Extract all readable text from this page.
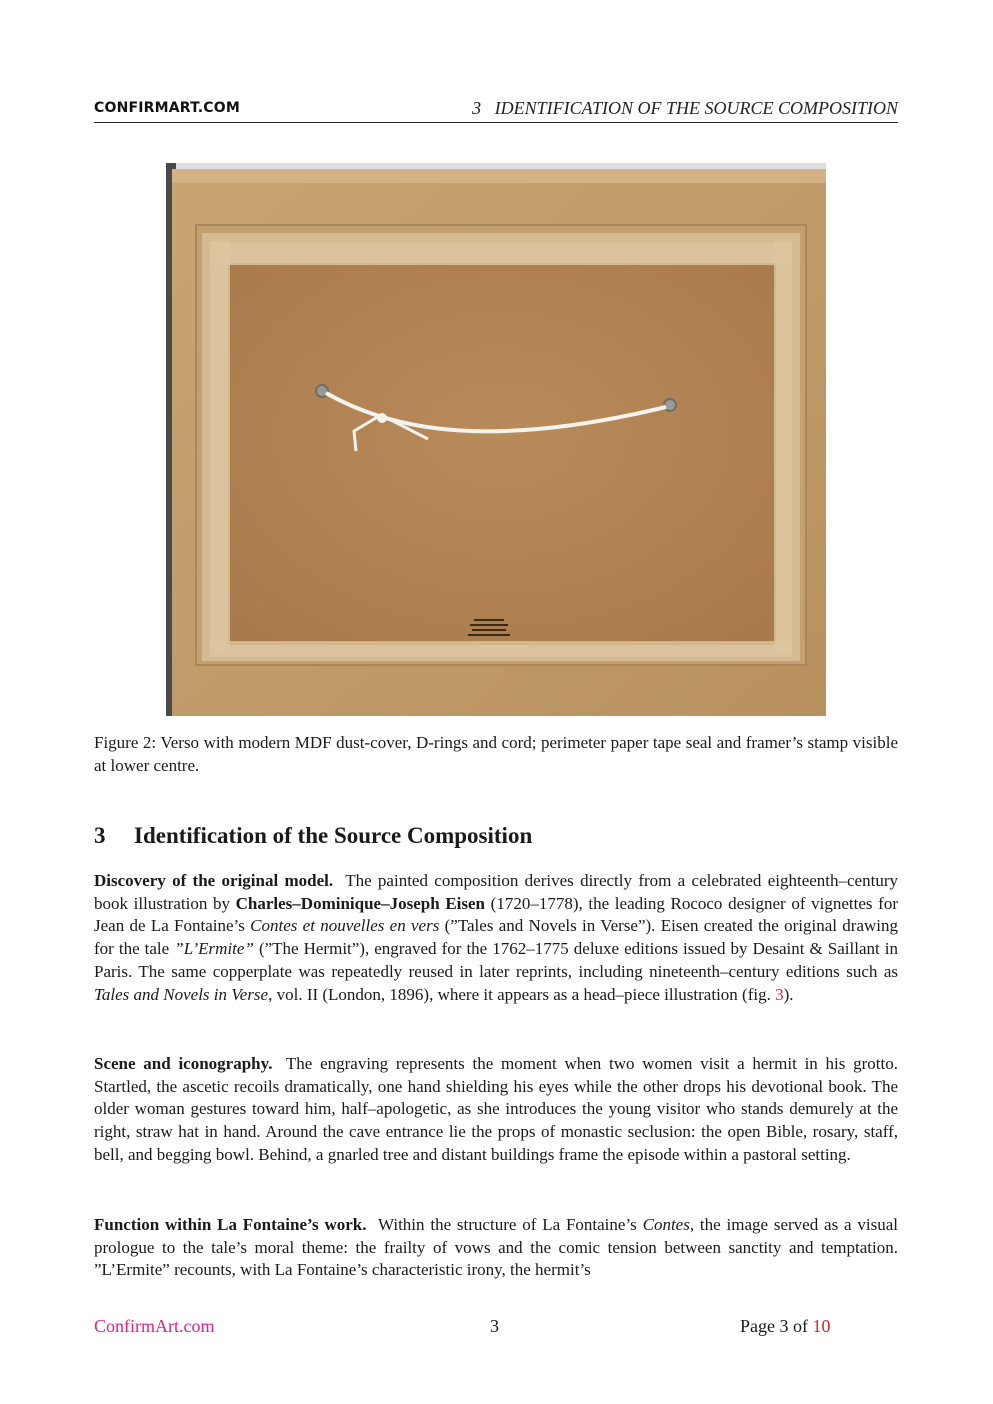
CONFIRMART.COM	3   IDENTIFICATION OF THE SOURCE COMPOSITION
Figure 2: Verso with modern MDF dust-cover, D-rings and cord; perimeter paper tape seal and framer’s stamp visible at lower centre.
3 Identification of the Source Composition
Discovery of the original model. The painted composition derives directly from a celebrated eighteenth–century book illustration by Charles–Dominique–Joseph Eisen (1720–1778), the leading Rococo designer of vignettes for Jean de La Fontaine’s Contes et nouvelles en vers (”Tales and Novels in Verse”). Eisen created the original drawing for the tale ”L’Ermite” (”The Hermit”), engraved for the 1762–1775 deluxe editions issued by Desaint & Saillant in Paris. The same copperplate was repeatedly reused in later reprints, including nineteenth–century editions such as Tales and Novels in Verse, vol. II (London, 1896), where it appears as a head–piece illustration (fig. 3).
Scene and iconography. The engraving represents the moment when two women visit a hermit in his grotto. Startled, the ascetic recoils dramatically, one hand shielding his eyes while the other drops his devotional book. The older woman gestures toward him, half–apologetic, as she introduces the young visitor who stands demurely at the right, straw hat in hand. Around the cave entrance lie the props of monastic seclusion: the open Bible, rosary, staff, bell, and begging bowl. Behind, a gnarled tree and distant buildings frame the episode within a pastoral setting.
Function within La Fontaine’s work. Within the structure of La Fontaine’s Contes, the image served as a visual prologue to the tale’s moral theme: the frailty of vows and the comic tension between sanctity and temptation. ”L’Ermite” recounts, with La Fontaine’s characteristic irony, the hermit’s
ConfirmArt.com	3	Page 3 of 10
